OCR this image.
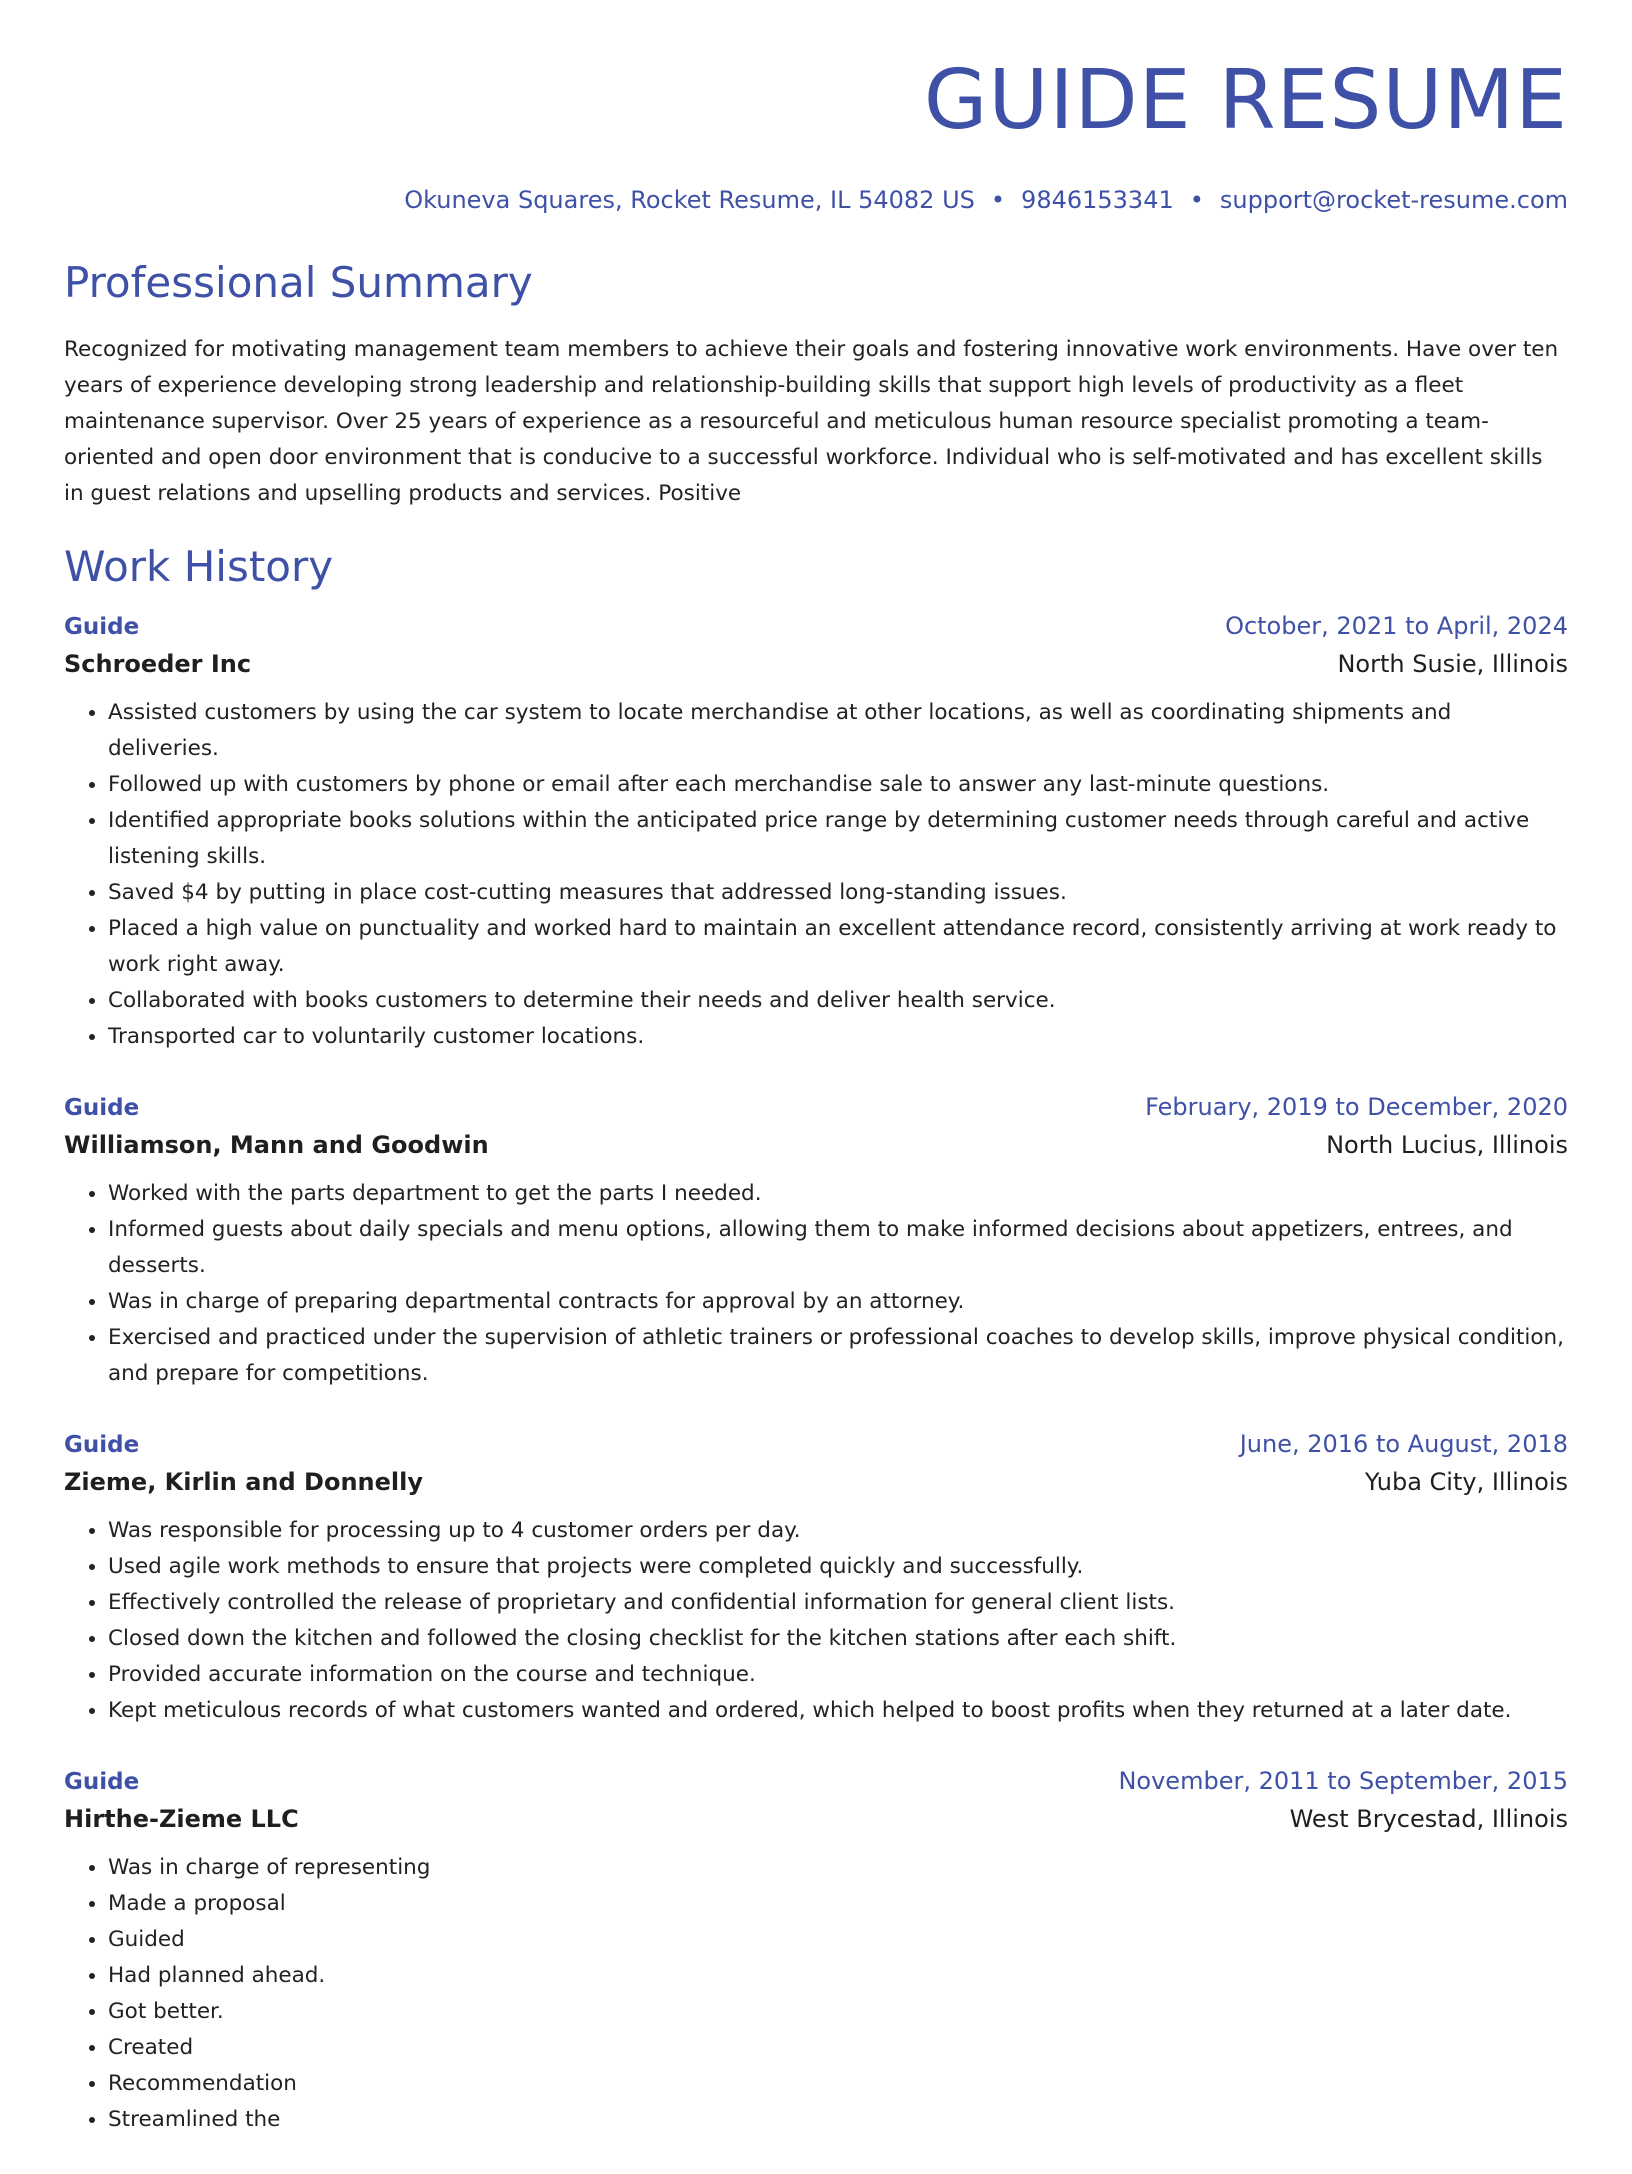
GUIDE RESUME
Okuneva Squares, Rocket Resume, IL 54082 US • 9846153341 • support@rocket-resume.com
Professional Summary
Recognized for motivating management team members to achieve their goals and fostering innovative work environments. Have over ten years of experience developing strong leadership and relationship-building skills that support high levels of productivity as a fleet maintenance supervisor. Over 25 years of experience as a resourceful and meticulous human resource specialist promoting a team-oriented and open door environment that is conducive to a successful workforce. Individual who is self-motivated and has excellent skills in guest relations and upselling products and services. Positive
Work History
Guide	October, 2021 to April, 2024
Schroeder Inc	North Susie, Illinois
• Assisted customers by using the car system to locate merchandise at other locations, as well as coordinating shipments and deliveries.
• Followed up with customers by phone or email after each merchandise sale to answer any last-minute questions.
• Identified appropriate books solutions within the anticipated price range by determining customer needs through careful and active listening skills.
• Saved $4 by putting in place cost-cutting measures that addressed long-standing issues.
• Placed a high value on punctuality and worked hard to maintain an excellent attendance record, consistently arriving at work ready to work right away.
• Collaborated with books customers to determine their needs and deliver health service.
• Transported car to voluntarily customer locations.
Guide	February, 2019 to December, 2020
Williamson, Mann and Goodwin	North Lucius, Illinois
• Worked with the parts department to get the parts I needed.
• Informed guests about daily specials and menu options, allowing them to make informed decisions about appetizers, entrees, and desserts.
• Was in charge of preparing departmental contracts for approval by an attorney.
• Exercised and practiced under the supervision of athletic trainers or professional coaches to develop skills, improve physical condition, and prepare for competitions.
Guide	June, 2016 to August, 2018
Zieme, Kirlin and Donnelly	Yuba City, Illinois
• Was responsible for processing up to 4 customer orders per day.
• Used agile work methods to ensure that projects were completed quickly and successfully.
• Effectively controlled the release of proprietary and confidential information for general client lists.
• Closed down the kitchen and followed the closing checklist for the kitchen stations after each shift.
• Provided accurate information on the course and technique.
• Kept meticulous records of what customers wanted and ordered, which helped to boost profits when they returned at a later date.
Guide	November, 2011 to September, 2015
Hirthe-Zieme LLC	West Brycestad, Illinois
• Was in charge of representing
• Made a proposal
• Guided
• Had planned ahead.
• Got better.
• Created
• Recommendation
• Streamlined the
